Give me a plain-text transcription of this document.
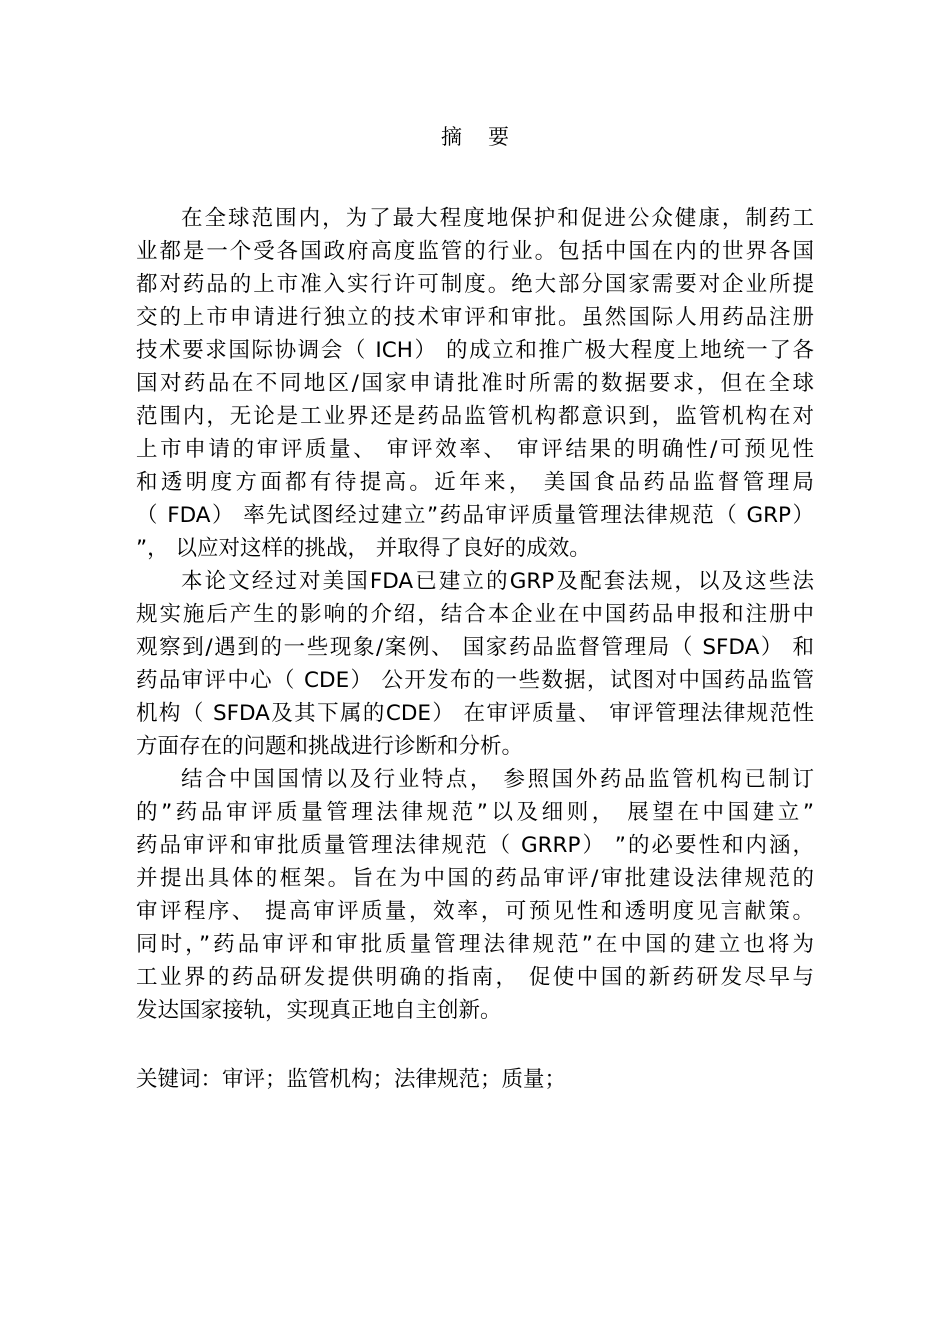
摘要
在全球范围内，为了最大程度地保护和促进公众健康，制药工
业都是一个受各国政府高度监管的行业。包括中国在内的世界各国
都对药品的上市准入实行许可制度。绝大部分国家需要对企业所提
交的上市申请进行独立的技术审评和审批。虽然国际人用药品注册
技术要求国际协调会（ ICH） 的成立和推广极大程度上地统一了各
国对药品在不同地区/国家申请批准时所需的数据要求，但在全球
范围内，无论是工业界还是药品监管机构都意识到，监管机构在对
上市申请的审评质量、 审评效率、 审评结果的明确性/可预见性
和透明度方面都有待提高。近年来， 美国食品药品监督管理局
（ FDA） 率先试图经过建立”药品审评质量管理法律规范（ GRP）
”， 以应对这样的挑战， 并取得了良好的成效。
本论文经过对美国FDA已建立的GRP及配套法规，以及这些法
规实施后产生的影响的介绍，结合本企业在中国药品申报和注册中
观察到/遇到的一些现象/案例、 国家药品监督管理局（ SFDA） 和
药品审评中心（ CDE） 公开发布的一些数据，试图对中国药品监管
机构（ SFDA及其下属的CDE） 在审评质量、 审评管理法律规范性
方面存在的问题和挑战进行诊断和分析。
结合中国国情以及行业特点， 参照国外药品监管机构已制订
的”药品审评质量管理法律规范”以及细则， 展望在中国建立”
药品审评和审批质量管理法律规范（ GRRP） ”的必要性和内涵，
并提出具体的框架。旨在为中国的药品审评/审批建设法律规范的
审评程序、 提高审评质量，效率，可预见性和透明度见言献策。
同时，”药品审评和审批质量管理法律规范”在中国的建立也将为
工业界的药品研发提供明确的指南， 促使中国的新药研发尽早与
发达国家接轨，实现真正地自主创新。
关键词：审评；监管机构；法律规范；质量；
